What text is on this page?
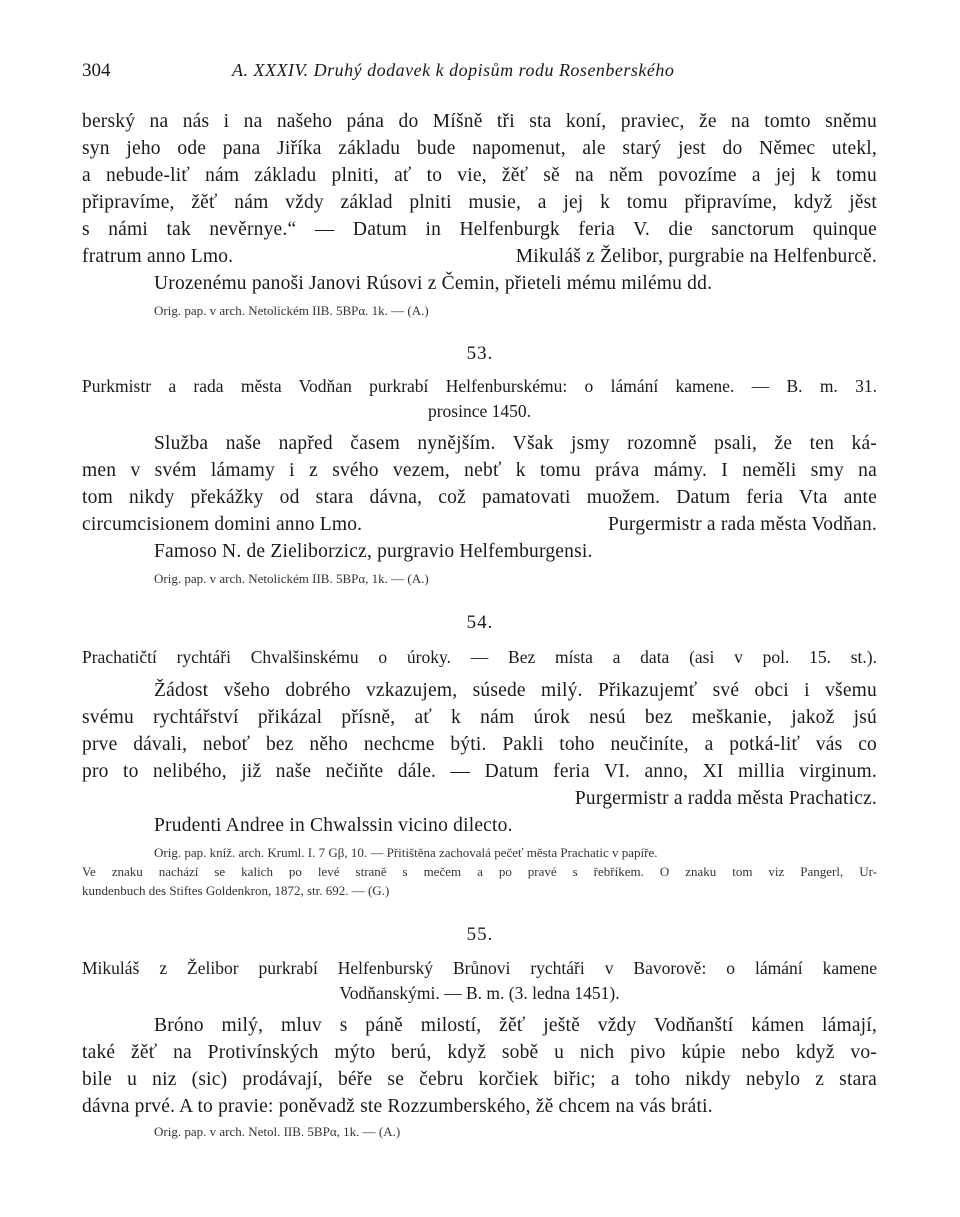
304	A. XXXIV. Druhý dodavek k dopisům rodu Rosenberského
berský na nás i na našeho pána do Míšně tři sta koní, praviec, že na tomto sněmu
syn jeho ode pana Jiříka základu bude napomenut, ale starý jest do Němec utekl,
a nebude-liť nám základu plniti, ať to vie, žěť sě na něm povozíme a jej k tomu
připravíme, žěť nám vždy základ plniti musie, a jej k tomu připravíme, když jěst
s námi tak nevěrnye.“ — Datum in Helfenburgk feria V. die sanctorum quinque
fratrum anno Lmo.	Mikuláš z Želibor, purgrabie na Helfenburcě.
Urozenému panoši Janovi Rúsovi z Čemin, přieteli mému milému dd.
Orig. pap. v arch. Netolickém IIB. 5BPα. 1k. — (A.)
53.
Purkmistr a rada města Vodňan purkrabí Helfenburskému: o lámání kamene. — B. m. 31.
prosince 1450.
Služba naše napřed časem nynějším. Však jsmy rozomně psali, že ten ká-
men v svém lámamy i z svého vezem, nebť k tomu práva mámy. I neměli smy na
tom nikdy překážky od stara dávna, což pamatovati muožem. Datum feria Vta ante
circumcisionem domini anno Lmo.	Purgermistr a rada města Vodňan.
Famoso N. de Zieliborzicz, purgravio Helfemburgensi.
Orig. pap. v arch. Netolickém IIB. 5BPα, 1k. — (A.)
54.
Prachatičtí rychtáři Chvalšinskému o úroky. — Bez místa a data (asi v pol. 15. st.).
Žádost všeho dobrého vzkazujem, súsede milý. Přikazujemť své obci i všemu
svému rychtářství přikázal přísně, ať k nám úrok nesú bez meškanie, jakož jsú
prve dávali, neboť bez něho nechcme býti. Pakli toho neučiníte, a potká-liť vás co
pro to nelibého, již naše nečiňte dále. — Datum feria VI. anno, XI millia virginum.
Purgermistr a radda města Prachaticz.
Prudenti Andree in Chwalssin vicino dilecto.
Orig. pap. kníž. arch. Kruml. I. 7 Gβ, 10. — Přitištěna zachovalá pečeť města Prachatic v papíře.
Ve znaku nachází se kalich po levé straně s mečem a po pravé s řebříkem. O znaku tom viz Pangerl, Ur-
kundenbuch des Stiftes Goldenkron, 1872, str. 692. — (G.)
55.
Mikuláš z Želibor purkrabí Helfenburský Brůnovi rychtáři v Bavorově: o lámání kamene
Vodňanskými. — B. m. (3. ledna 1451).
Bróno milý, mluv s páně milostí, žěť ještě vždy Vodňanští kámen lámají,
také žěť na Protivínských mýto berú, když sobě u nich pivo kúpie nebo když vo-
bile u niz (sic) prodávají, béře se čebru korčiek biřic; a toho nikdy nebylo z stara
dávna prvé. A to pravie: poněvadž ste Rozzumberského, žě chcem na vás bráti.
Orig. pap. v arch. Netol. IIB. 5BPα, 1k. — (A.)
